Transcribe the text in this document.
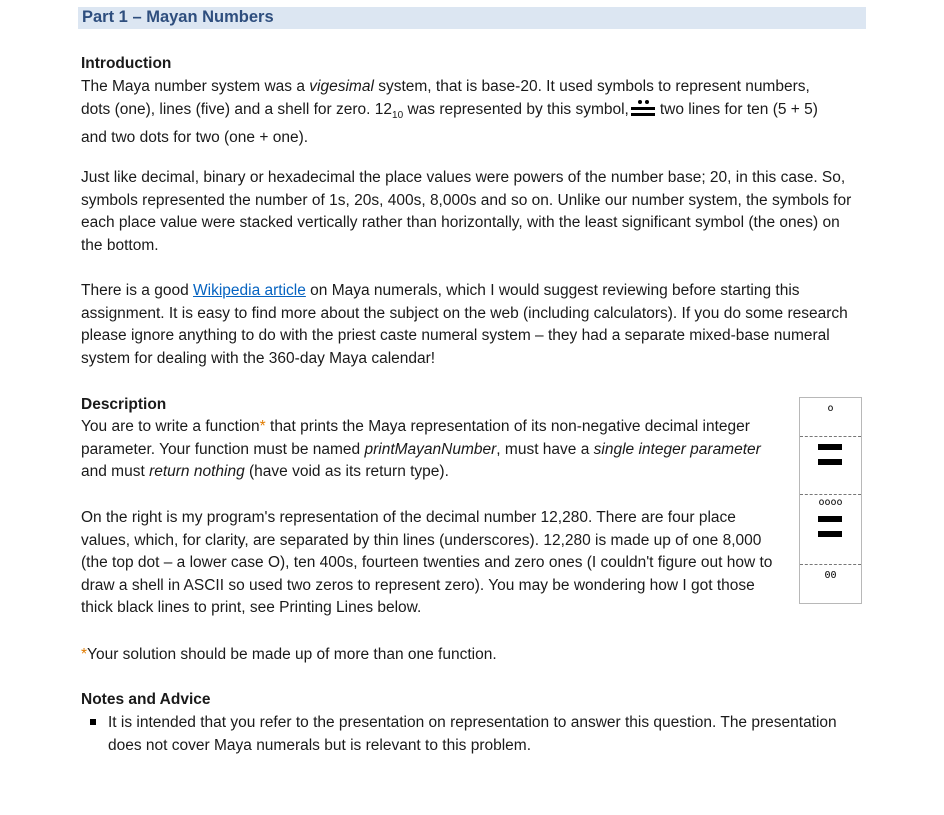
Part 1 – Mayan Numbers
Introduction
The Maya number system was a vigesimal system, that is base-20. It used symbols to represent numbers, dots (one), lines (five) and a shell for zero. $12_{10}$ was represented by this symbol, two lines for ten (5 + 5) and two dots for two (one + one).
Just like decimal, binary or hexadecimal the place values were powers of the number base; 20, in this case. So, symbols represented the number of 1s, 20s, 400s, 8,000s and so on. Unlike our number system, the symbols for each place value were stacked vertically rather than horizontally, with the least significant symbol (the ones) on the bottom.
There is a good Wikipedia article on Maya numerals, which I would suggest reviewing before starting this assignment. It is easy to find more about the subject on the web (including calculators). If you do some research please ignore anything to do with the priest caste numeral system – they had a separate mixed-base numeral system for dealing with the 360-day Maya calendar!
Description
You are to write a function* that prints the Maya representation of its non-negative decimal integer parameter. Your function must be named printMayanNumber, must have a single integer parameter and must return nothing (have void as its return type).
On the right is my program's representation of the decimal number 12,280. There are four place values, which, for clarity, are separated by thin lines (underscores). 12,280 is made up of one 8,000 (the top dot – a lower case O), ten 400s, fourteen twenties and zero ones (I couldn't figure out how to draw a shell in ASCII so used two zeros to represent zero). You may be wondering how I got those thick black lines to print, see Printing Lines below.
*Your solution should be made up of more than one function.
Notes and Advice
It is intended that you refer to the presentation on representation to answer this question. The presentation does not cover Maya numerals but is relevant to this problem.
o
oooo
00
